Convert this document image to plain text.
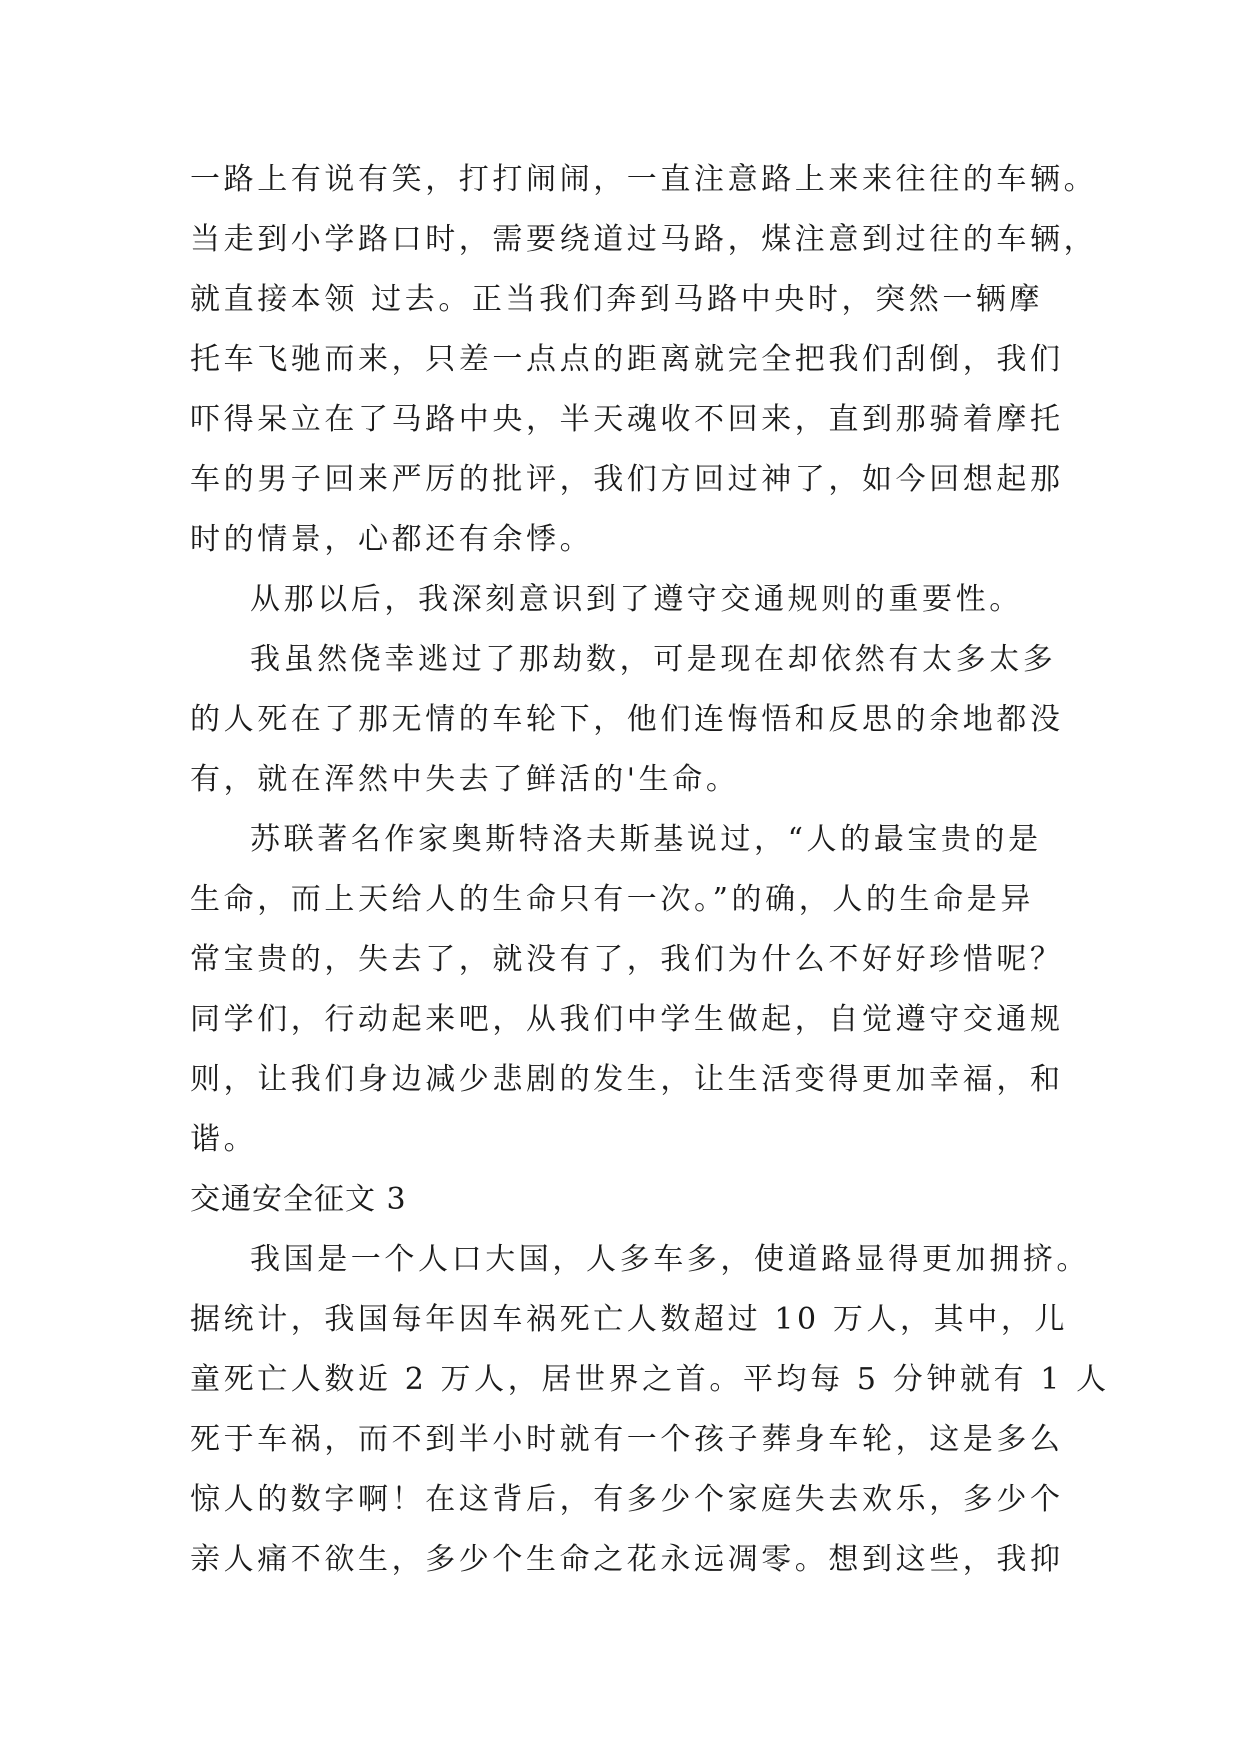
一路上有说有笑，打打闹闹，一直注意路上来来往往的车辆。
当走到小学路口时，需要绕道过马路，煤注意到过往的车辆，
就直接本领 过去。正当我们奔到马路中央时，突然一辆摩
托车飞驰而来，只差一点点的距离就完全把我们刮倒，我们
吓得呆立在了马路中央，半天魂收不回来，直到那骑着摩托
车的男子回来严厉的批评，我们方回过神了，如今回想起那
时的情景，心都还有余悸。
从那以后，我深刻意识到了遵守交通规则的重要性。
我虽然侥幸逃过了那劫数，可是现在却依然有太多太多
的人死在了那无情的车轮下，他们连悔悟和反思的余地都没
有，就在浑然中失去了鲜活的'生命。
苏联著名作家奥斯特洛夫斯基说过，“人的最宝贵的是
生命，而上天给人的生命只有一次。”的确，人的生命是异
常宝贵的，失去了，就没有了，我们为什么不好好珍惜呢？
同学们，行动起来吧，从我们中学生做起，自觉遵守交通规
则，让我们身边减少悲剧的发生，让生活变得更加幸福，和
谐。
交通安全征文 3
我国是一个人口大国，人多车多，使道路显得更加拥挤。
据统计，我国每年因车祸死亡人数超过 10 万人，其中，儿
童死亡人数近 2 万人，居世界之首。平均每 5 分钟就有 1 人
死于车祸，而不到半小时就有一个孩子葬身车轮，这是多么
惊人的数字啊！在这背后，有多少个家庭失去欢乐，多少个
亲人痛不欲生，多少个生命之花永远凋零。想到这些，我抑
